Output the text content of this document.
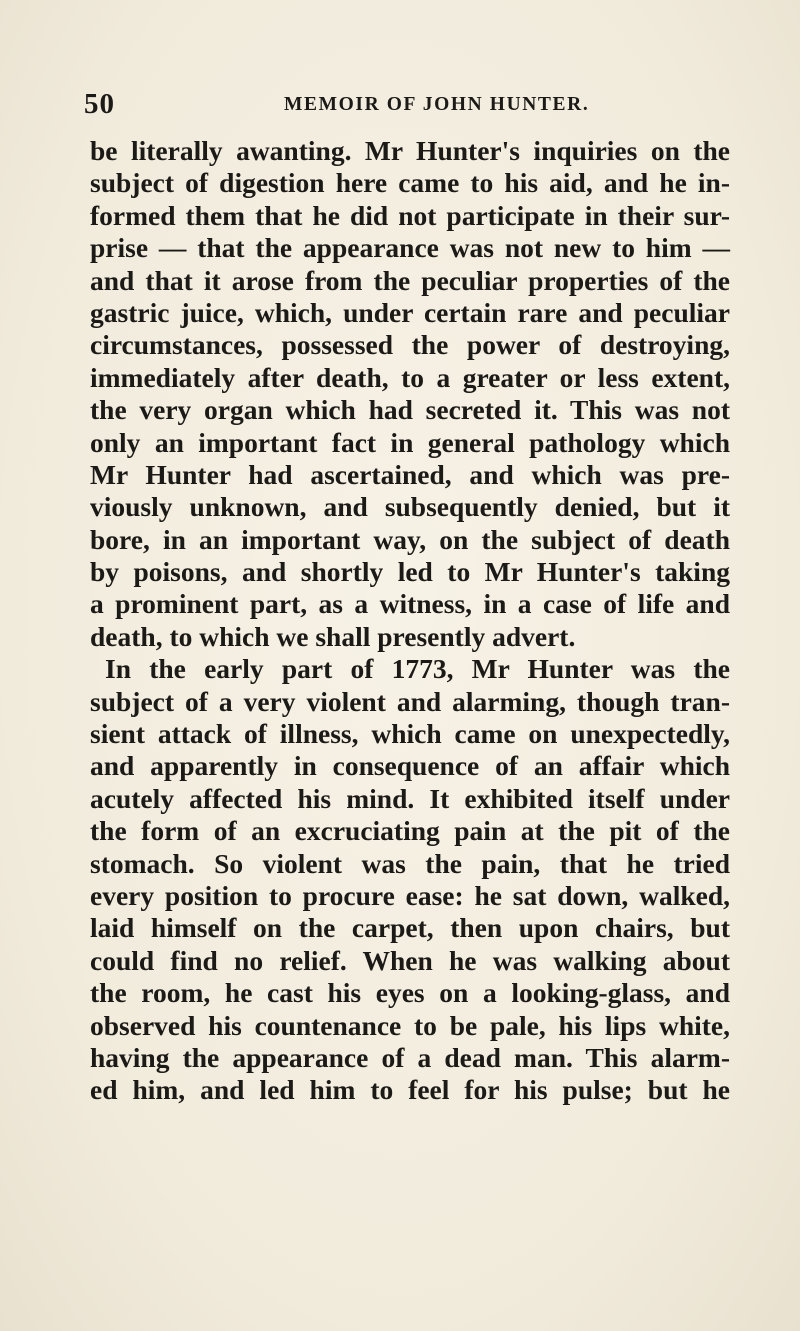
50	MEMOIR OF JOHN HUNTER.
be literally awanting. Mr Hunter's inquiries on the
subject of digestion here came to his aid, and he in-
formed them that he did not participate in their sur-
prise — that the appearance was not new to him —
and that it arose from the peculiar properties of the
gastric juice, which, under certain rare and peculiar
circumstances, possessed the power of destroying,
immediately after death, to a greater or less extent,
the very organ which had secreted it. This was not
only an important fact in general pathology which
Mr Hunter had ascertained, and which was pre-
viously unknown, and subsequently denied, but it
bore, in an important way, on the subject of death
by poisons, and shortly led to Mr Hunter's taking
a prominent part, as a witness, in a case of life and
death, to which we shall presently advert.
In the early part of 1773, Mr Hunter was the
subject of a very violent and alarming, though tran-
sient attack of illness, which came on unexpectedly,
and apparently in consequence of an affair which
acutely affected his mind. It exhibited itself under
the form of an excruciating pain at the pit of the
stomach. So violent was the pain, that he tried
every position to procure ease: he sat down, walked,
laid himself on the carpet, then upon chairs, but
could find no relief. When he was walking about
the room, he cast his eyes on a looking-glass, and
observed his countenance to be pale, his lips white,
having the appearance of a dead man. This alarm-
ed him, and led him to feel for his pulse; but he
